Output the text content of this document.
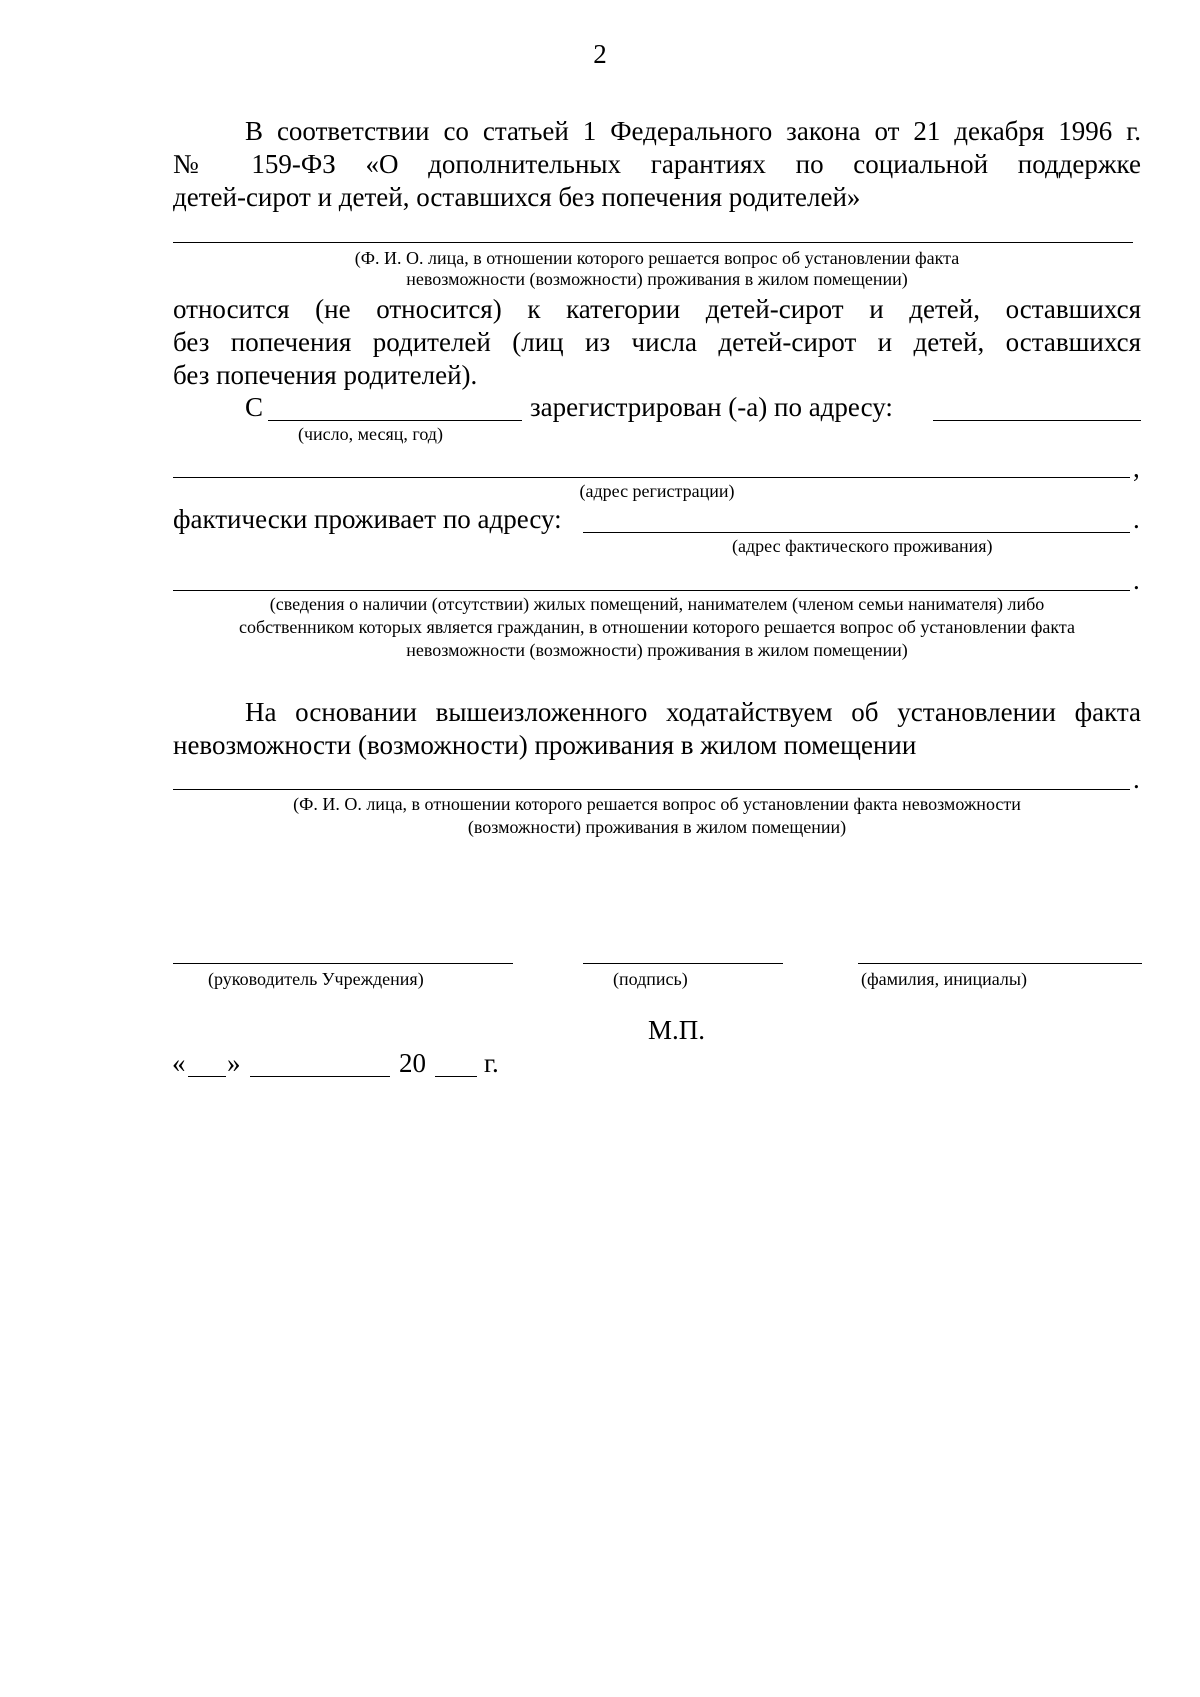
2
В соответствии со статьей 1 Федерального закона от 21 декабря 1996 г.
№ 159-ФЗ «О дополнительных гарантиях по социальной поддержке
детей-сирот и детей, оставшихся без попечения родителей»
(Ф. И. О. лица, в отношении которого решается вопрос об установлении факта
невозможности (возможности) проживания в жилом помещении)
относится (не относится) к категории детей-сирот и детей, оставшихся
без попечения родителей (лиц из числа детей-сирот и детей, оставшихся
без попечения родителей).
С	зарегистрирован (-а) по адресу:
(число, месяц, год)
,
(адрес регистрации)
фактически проживает по адресу:	.
(адрес фактического проживания)
.
(сведения о наличии (отсутствии) жилых помещений, нанимателем (членом семьи нанимателя) либо
собственником которых является гражданин, в отношении которого решается вопрос об установлении факта
невозможности (возможности) проживания в жилом помещении)
На основании вышеизложенного ходатайствуем об установлении факта
невозможности (возможности) проживания в жилом помещении
.
(Ф. И. О. лица, в отношении которого решается вопрос об установлении факта невозможности
(возможности) проживания в жилом помещении)
(руководитель Учреждения)	(подпись)	(фамилия, инициалы)
М.П.
« »	20 г.
